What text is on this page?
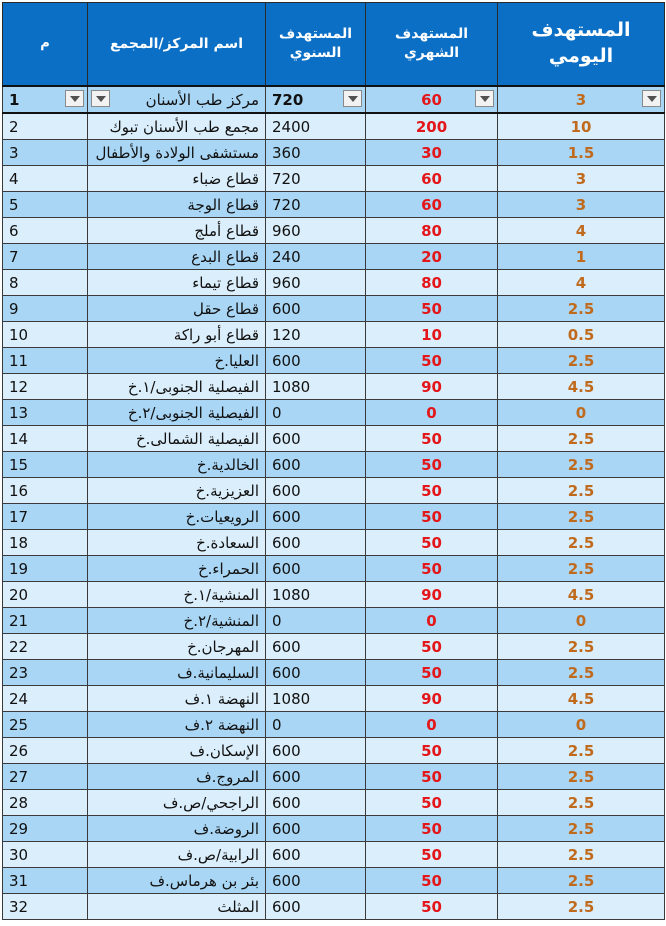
م	اسم المركز/المجمع	المستهدف السنوي	المستهدف الشهري	المستهدف اليومي
1	مركز طب الأسنان	720	60	3

2	مجمع طب الأسنان تبوك	2400	200	10
3	مستشفى الولادة والأطفال	360	30	1.5
4	قطاع ضباء	720	60	3
5	قطاع الوجة	720	60	3
6	قطاع أملج	960	80	4
7	قطاع البدع	240	20	1
8	قطاع تيماء	960	80	4
9	قطاع حقل	600	50	2.5
10	قطاع أبو راكة	120	10	0.5
11	العليا.خ	600	50	2.5
12	الفيصلية الجنوبى/١.خ	1080	90	4.5
13	الفيصلية الجنوبى/٢.خ	0	0	0
14	الفيصلية الشمالى.خ	600	50	2.5
15	الخالدية.خ	600	50	2.5
16	العزيزية.خ	600	50	2.5
17	الرويعيات.خ	600	50	2.5
18	السعادة.خ	600	50	2.5
19	الحمراء.خ	600	50	2.5
20	المنشية/١.خ	1080	90	4.5
21	المنشية/٢.خ	0	0	0
22	المهرجان.خ	600	50	2.5
23	السليمانية.ف	600	50	2.5
24	النهضة ١.ف	1080	90	4.5
25	النهضة ٢.ف	0	0	0
26	الإسكان.ف	600	50	2.5
27	المروج.ف	600	50	2.5
28	الراجحي/ص.ف	600	50	2.5
29	الروضة.ف	600	50	2.5
30	الرابية/ص.ف	600	50	2.5
31	بئر بن هرماس.ف	600	50	2.5
32	المثلث	600	50	2.5
